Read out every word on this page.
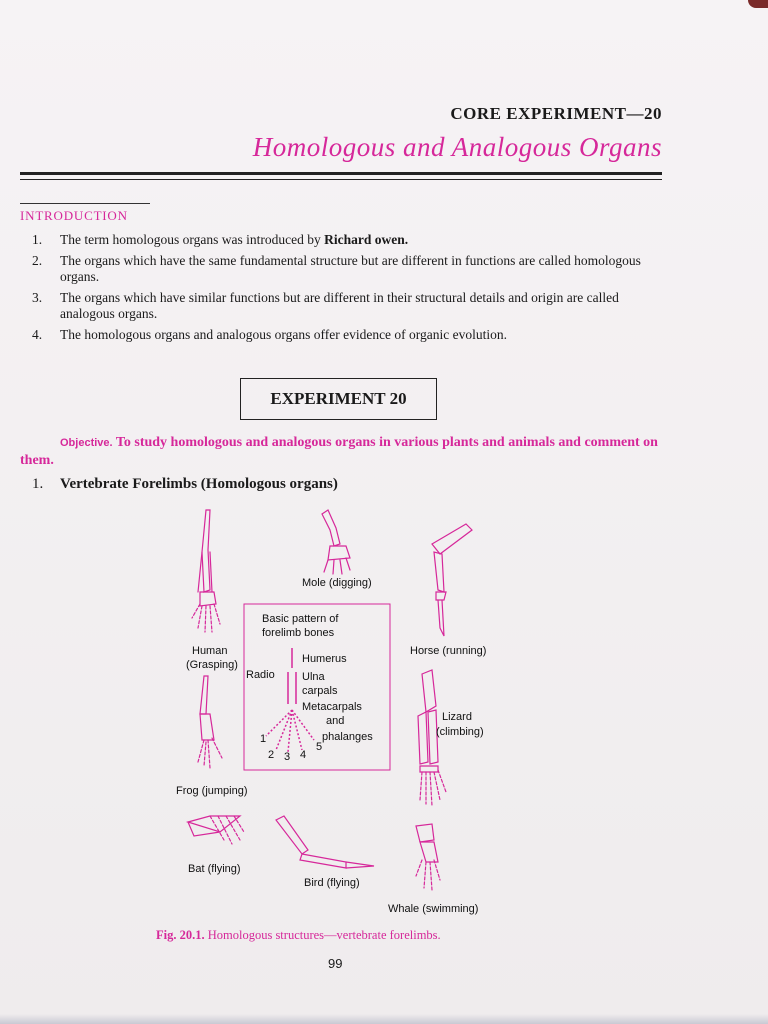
CORE EXPERIMENT—20
Homologous and Analogous Organs
INTRODUCTION
1.	The term homologous organs was introduced by Richard owen.
2.	The organs which have the same fundamental structure but are different in functions are called homologous organs.
3.	The organs which have similar functions but are different in their structural details and origin are called analogous organs.
4.	The homologous organs and analogous organs offer evidence of organic evolution.
EXPERIMENT 20
Objective. To study homologous and analogous organs in various plants and animals and comment on them.
1.	Vertebrate Forelimbs (Homologous organs)
Mole (digging)
Human
(Grasping)
Horse (running)
Basic pattern of
forelimb bones
Humerus
Radio Ulna
carpals
Metacarpals
and
phalanges
1
2 3 4
5
Lizard
(climbing)
Frog (jumping)
Bat (flying)
Bird (flying)
Whale (swimming)
Fig. 20.1. Homologous structures—vertebrate forelimbs.
99
